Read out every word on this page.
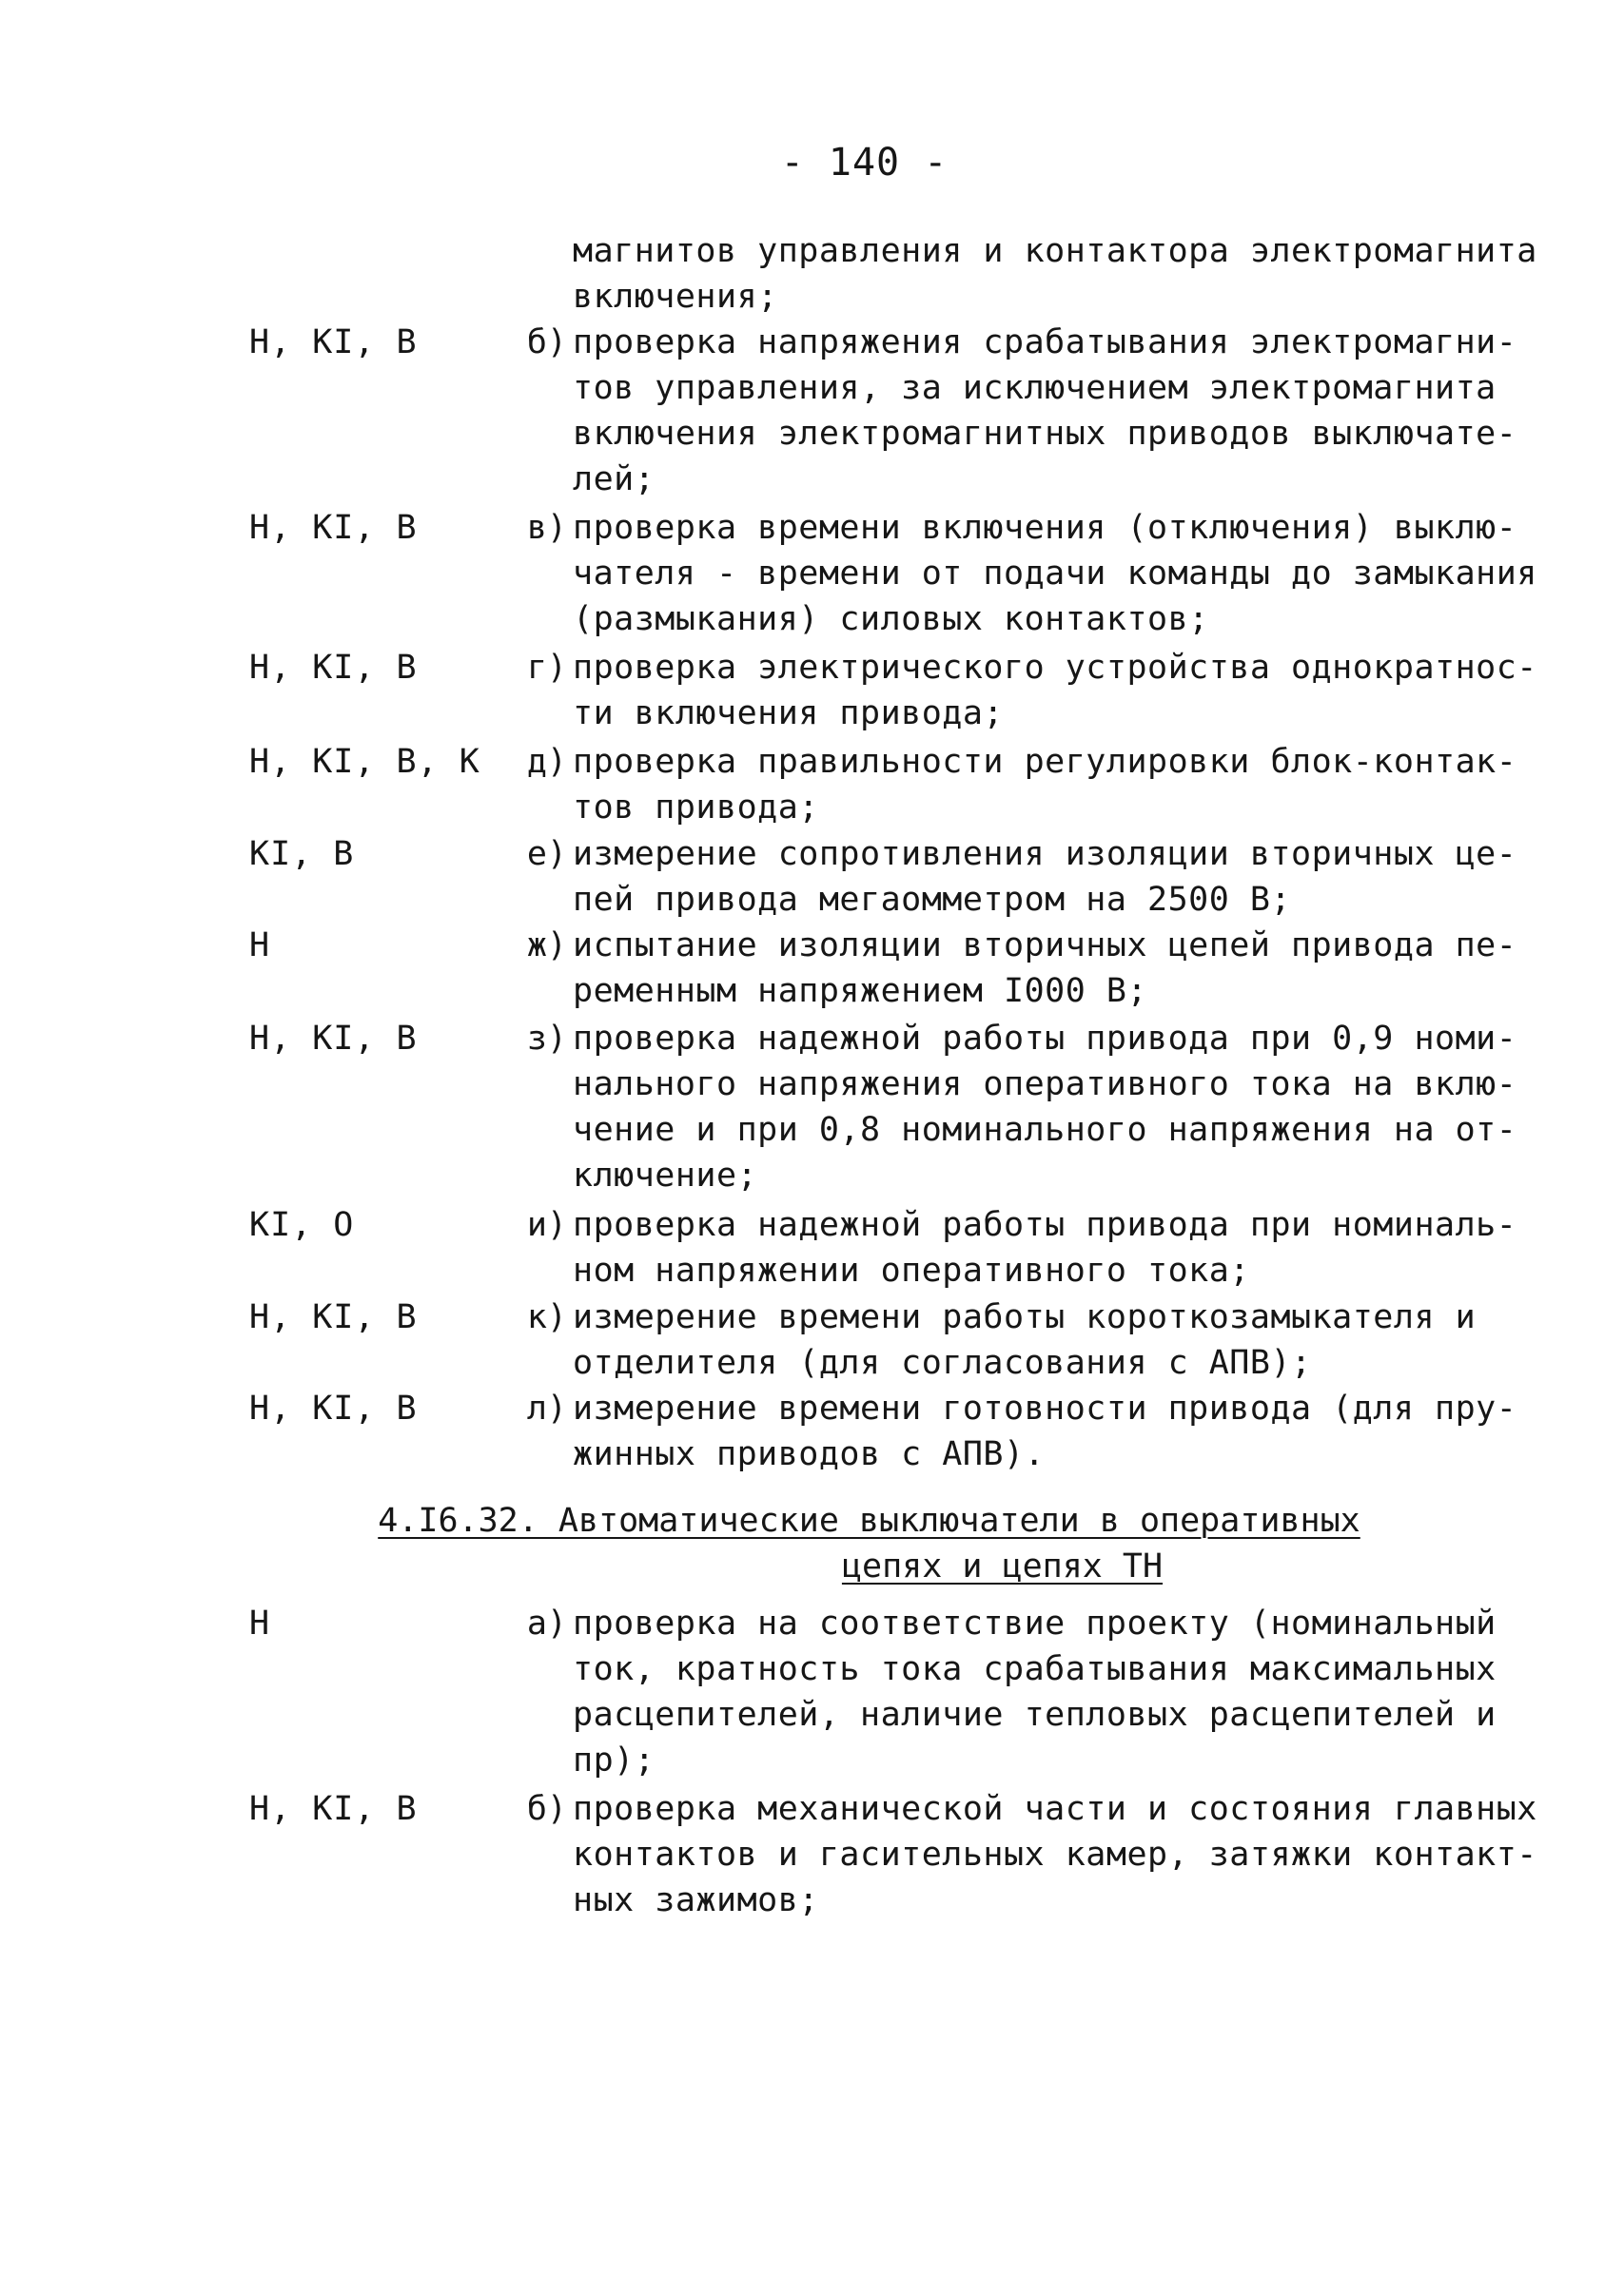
- 140 -
магнитов управления и контактора электромагнита
включения;
Н, КI, В	б) проверка напряжения срабатывания электромагни-
тов управления, за исключением электромагнита
включения электромагнитных приводов выключате-
лей;
Н, КI, В	в) проверка времени включения (отключения) выклю-
чателя - времени от подачи команды до замыкания
(размыкания) силовых контактов;
Н, КI, В	г) проверка электрического устройства однократнос-
ти включения привода;
Н, КI, В, К	д) проверка правильности регулировки блок-контак-
тов привода;
КI, В	е) измерение сопротивления изоляции вторичных це-
пей привода мегаомметром на 2500 В;
Н	ж) испытание изоляции вторичных цепей привода пе-
ременным напряжением I000 В;
Н, КI, В	з) проверка надежной работы привода при 0,9 номи-
нального напряжения оперативного тока на вклю-
чение и при 0,8 номинального напряжения на от-
ключение;
КI, О	и) проверка надежной работы привода при номиналь-
ном напряжении оперативного тока;
Н, КI, В	к) измерение времени работы короткозамыкателя и
отделителя (для согласования с АПВ);
Н, КI, В	л) измерение времени готовности привода (для пру-
жинных приводов с АПВ).
4.I6.32. Автоматические выключатели в оперативных
цепях и цепях ТН
Н	а) проверка на соответствие проекту (номинальный
ток, кратность тока срабатывания максимальных
расцепителей, наличие тепловых расцепителей и
пр);
Н, КI, В	б) проверка механической части и состояния главных
контактов и гасительных камер, затяжки контакт-
ных зажимов;
